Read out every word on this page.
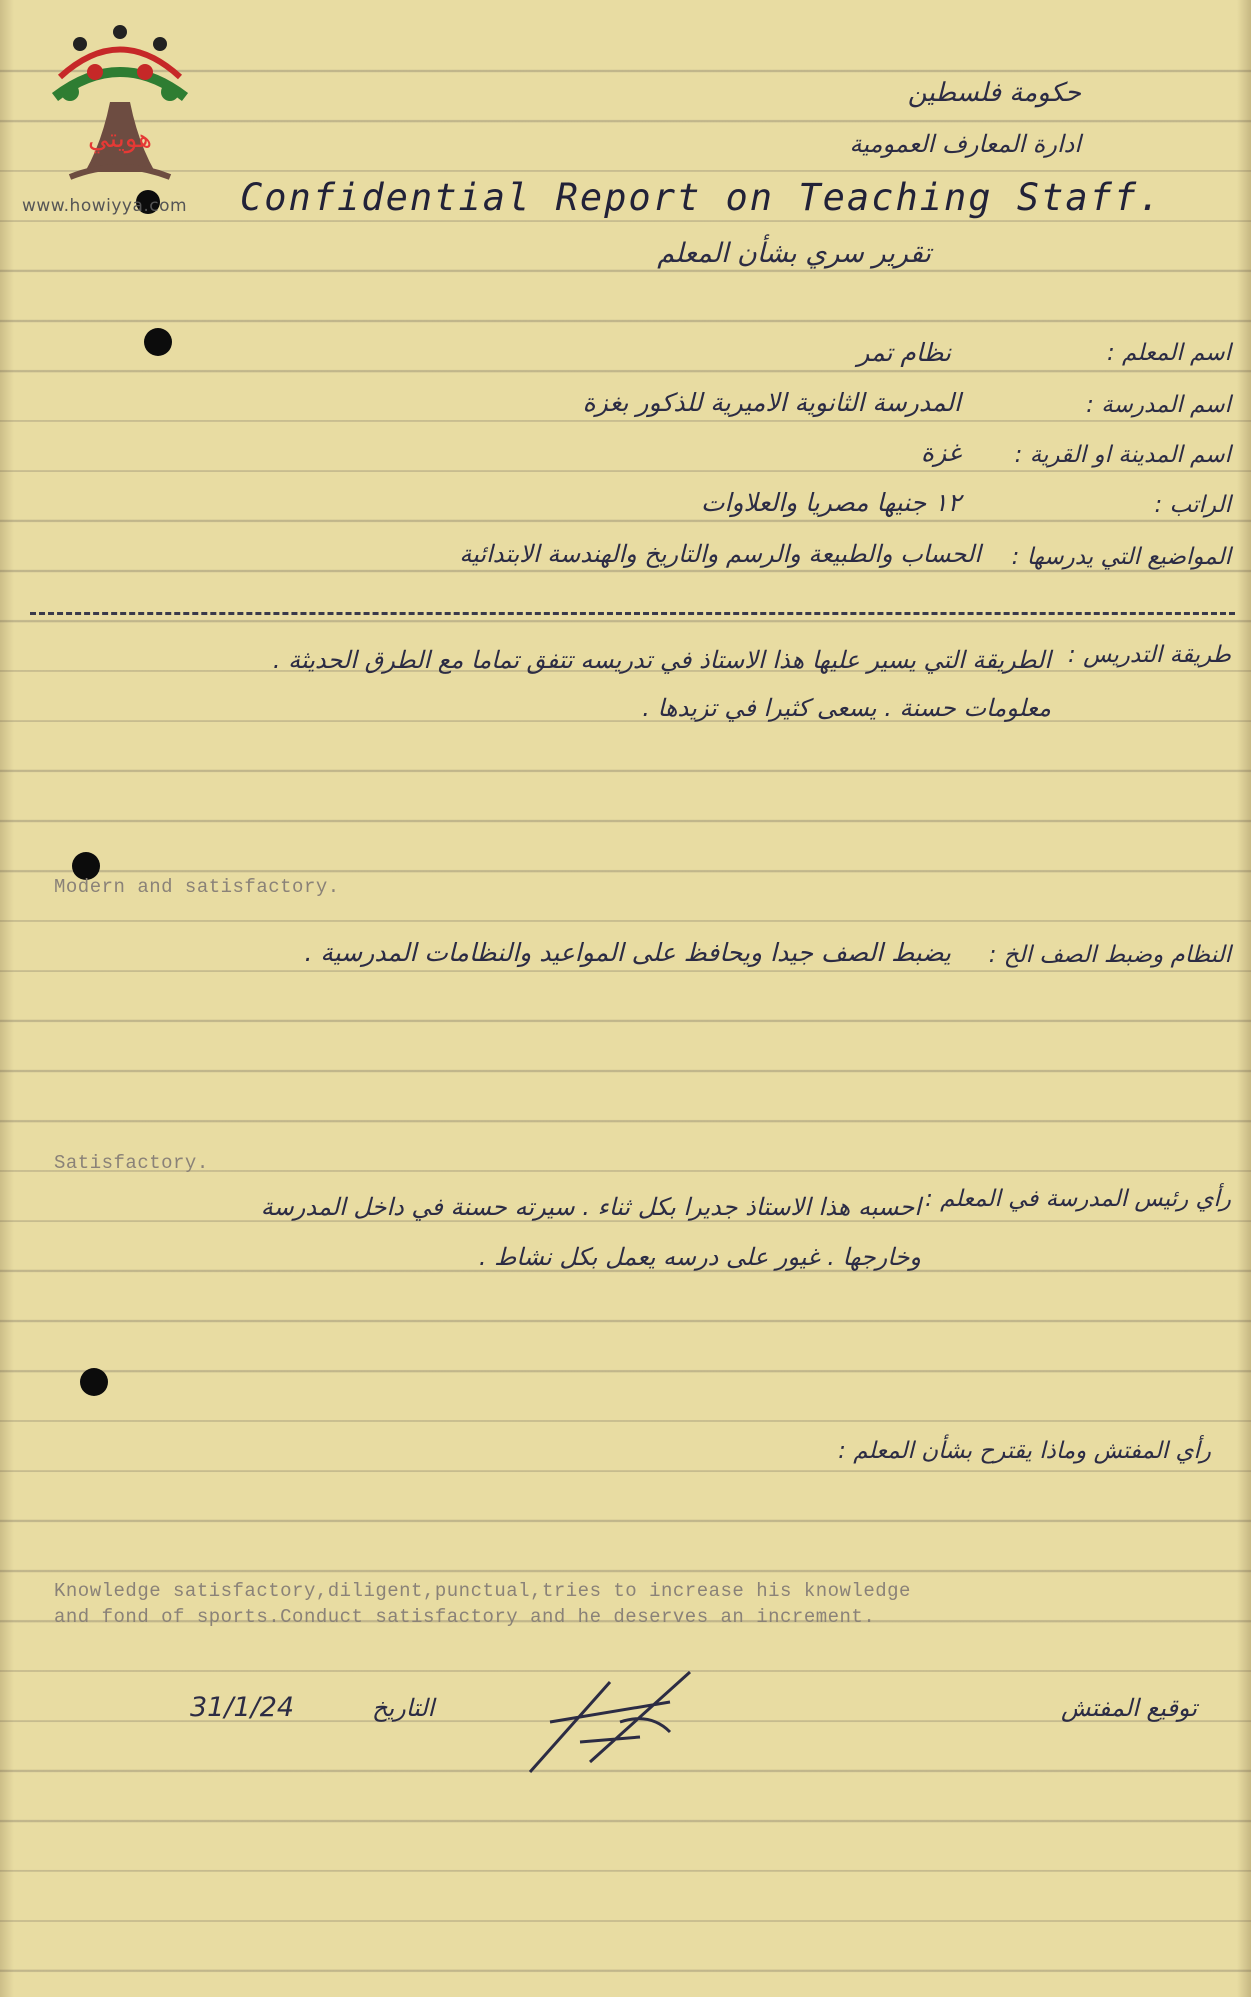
هويتي
www.howiyya.com
حكومة فلسطين
ادارة المعارف العمومية
Confidential Report on Teaching Staff.
تقرير سري بشأن المعلم
اسم المعلم :
نظام تمر
اسم المدرسة :
المدرسة الثانوية الاميرية للذكور بغزة
اسم المدينة او القرية :
غزة
الراتب :
١٢ جنيها مصريا والعلاوات
المواضيع التي يدرسها :
الحساب والطبيعة والرسم والتاريخ والهندسة الابتدائية
طريقة التدريس :
الطريقة التي يسير عليها هذا الاستاذ في تدريسه تتفق تماما مع الطرق الحديثة . معلومات حسنة . يسعى كثيرا في تزيدها .
Modern and satisfactory.
النظام وضبط الصف الخ :
يضبط الصف جيدا ويحافظ على المواعيد والنظامات المدرسية .
Satisfactory.
رأي رئيس المدرسة في المعلم :
احسبه هذا الاستاذ جديرا بكل ثناء . سيرته حسنة في داخل المدرسة وخارجها . غيور على درسه يعمل بكل نشاط .
رأي المفتش وماذا يقترح بشأن المعلم :
Knowledge satisfactory,diligent,punctual,tries to increase his knowledge
and fond of sports.Conduct satisfactory and he deserves an increment.
31/1/24	التاريخ	توقيع المفتش
